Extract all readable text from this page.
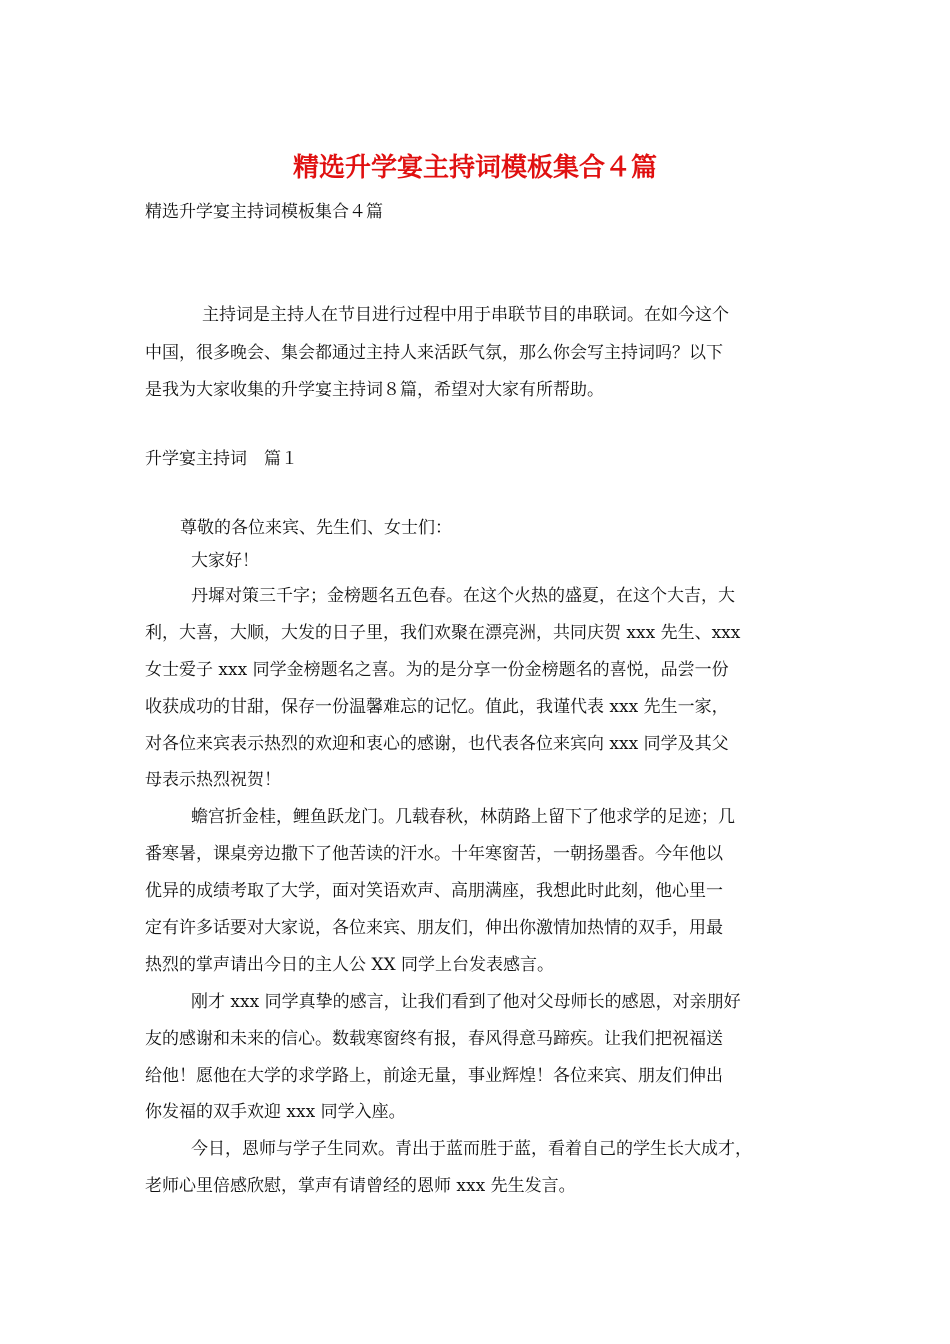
精选升学宴主持词模板集合４篇

精选升学宴主持词模板集合４篇

主持词是主持人在节目进行过程中用于串联节目的串联词。在如今这个

中国，很多晚会、集会都通过主持人来活跃气氛，那么你会写主持词吗？以下

是我为大家收集的升学宴主持词８篇，希望对大家有所帮助。

升学宴主持词　篇１

尊敬的各位来宾、先生们、女士们：

大家好！

丹墀对策三千字；金榜题名五色春。在这个火热的盛夏，在这个大吉，大

利，大喜，大顺，大发的日子里，我们欢聚在漂亮洲，共同庆贺 xxx 先生、xxx

女士爱子 xxx 同学金榜题名之喜。为的是分享一份金榜题名的喜悦，品尝一份

收获成功的甘甜，保存一份温馨难忘的记忆。值此，我谨代表 xxx 先生一家，

对各位来宾表示热烈的欢迎和衷心的感谢，也代表各位来宾向 xxx 同学及其父

母表示热烈祝贺！

蟾宫折金桂，鲤鱼跃龙门。几载春秋，林荫路上留下了他求学的足迹；几

番寒暑，课桌旁边撒下了他苦读的汗水。十年寒窗苦，一朝扬墨香。今年他以

优异的成绩考取了大学，面对笑语欢声、高朋满座，我想此时此刻，他心里一

定有许多话要对大家说，各位来宾、朋友们，伸出你激情加热情的双手，用最

热烈的掌声请出今日的主人公 XX 同学上台发表感言。

刚才 xxx 同学真挚的感言，让我们看到了他对父母师长的感恩，对亲朋好

友的感谢和未来的信心。数载寒窗终有报，春风得意马蹄疾。让我们把祝福送

给他！愿他在大学的求学路上，前途无量，事业辉煌！各位来宾、朋友们伸出

你发福的双手欢迎 xxx 同学入座。

今日，恩师与学子生同欢。青出于蓝而胜于蓝，看着自己的学生长大成才，

老师心里倍感欣慰，掌声有请曾经的恩师 xxx 先生发言。
